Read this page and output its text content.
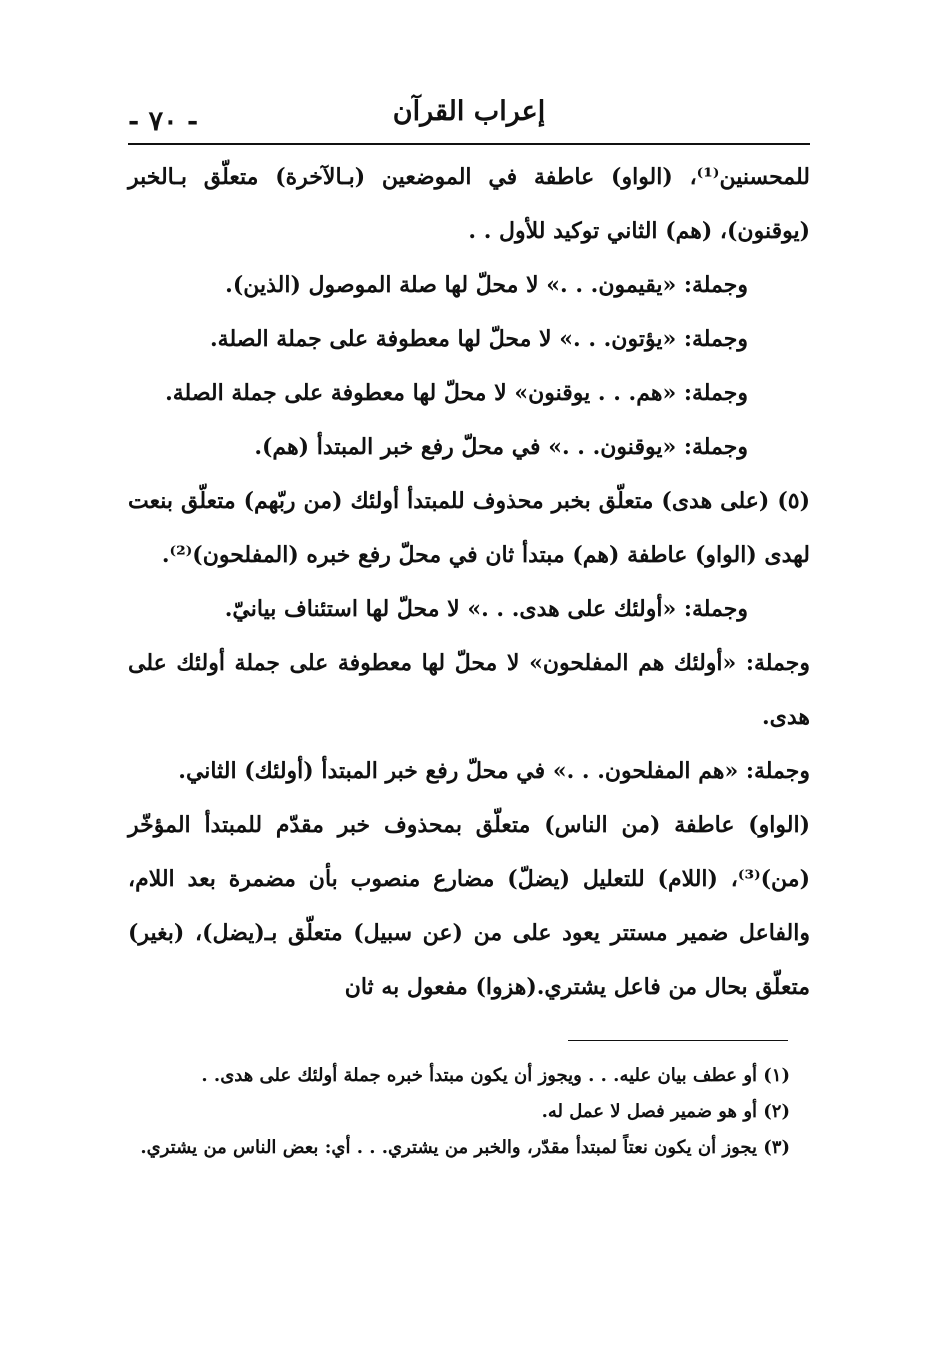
إعراب القرآن
- ٧٠ -

للمحسنين⁽¹⁾، (الواو) عاطفة في الموضعين (بـالآخرة) متعلّق بـالخبر (يوقنون)، (هم) الثاني توكيد للأول . .

وجملة: «يقيمون. . .» لا محلّ لها صلة الموصول (الذين).

وجملة: «يؤتون. . .» لا محلّ لها معطوفة على جملة الصلة.

وجملة: «هم. . . يوقنون» لا محلّ لها معطوفة على جملة الصلة.

وجملة: «يوقنون. . .» في محلّ رفع خبر المبتدأ (هم).

(٥) (على هدى) متعلّق بخبر محذوف للمبتدأ أولئك (من ربّهم) متعلّق بنعت لهدى (الواو) عاطفة (هم) مبتدأ ثان في محلّ رفع خبره (المفلحون)⁽²⁾.

وجملة: «أولئك على هدى. . .» لا محلّ لها استئناف بيانيّ.

وجملة: «أولئك هم المفلحون» لا محلّ لها معطوفة على جملة أولئك على هدى.

وجملة: «هم المفلحون. . .» في محلّ رفع خبر المبتدأ (أولئك) الثاني.

(الواو) عاطفة (من الناس) متعلّق بمحذوف خبر مقدّم للمبتدأ المؤخّر (من)⁽³⁾، (اللام) للتعليل (يضلّ) مضارع منصوب بأن مضمرة بعد اللام، والفاعل ضمير مستتر يعود على من (عن سبيل) متعلّق بـ(يضل)، (بغير) متعلّق بحال من فاعل يشتري.(هزوا) مفعول به ثان

(١) أو عطف بيان عليه. . . ويجوز أن يكون مبتدأ خبره جملة أولئك على هدى. .

(٢) أو هو ضمير فصل لا عمل له.

(٣) يجوز أن يكون نعتاً لمبتدأ مقدّر، والخبر من يشتري. . . أي: بعض الناس من يشتري.
